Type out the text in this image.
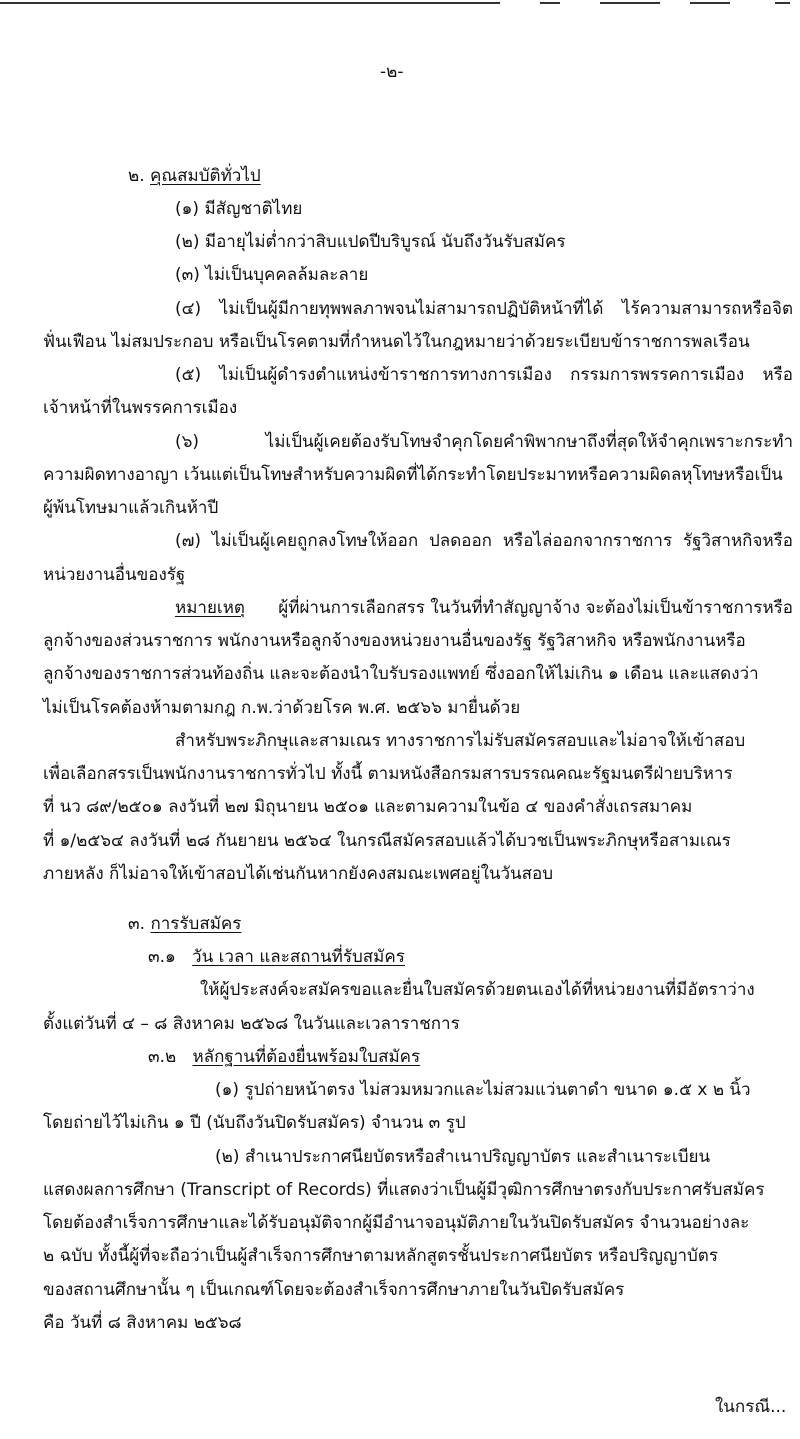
-๒-
๒. คุณสมบัติทั่วไป
(๑) มีสัญชาติไทย
(๒) มีอายุไม่ต่ำกว่าสิบแปดปีบริบูรณ์ นับถึงวันรับสมัคร
(๓) ไม่เป็นบุคคลล้มละลาย
(๔) ไม่เป็นผู้มีกายทุพพลภาพจนไม่สามารถปฏิบัติหน้าที่ได้ ไร้ความสามารถหรือจิต
ฟั่นเฟือน ไม่สมประกอบ หรือเป็นโรคตามที่กำหนดไว้ในกฎหมายว่าด้วยระเบียบข้าราชการพลเรือน
(๕) ไม่เป็นผู้ดำรงตำแหน่งข้าราชการทางการเมือง กรรมการพรรคการเมือง หรือ
เจ้าหน้าที่ในพรรคการเมือง
(๖) ไม่เป็นผู้เคยต้องรับโทษจำคุกโดยคำพิพากษาถึงที่สุดให้จำคุกเพราะกระทำ
ความผิดทางอาญา เว้นแต่เป็นโทษสำหรับความผิดที่ได้กระทำโดยประมาทหรือความผิดลหุโทษหรือเป็น
ผู้พ้นโทษมาแล้วเกินห้าปี
(๗) ไม่เป็นผู้เคยถูกลงโทษให้ออก ปลดออก หรือไล่ออกจากราชการ รัฐวิสาหกิจหรือ
หน่วยงานอื่นของรัฐ
หมายเหตุ ผู้ที่ผ่านการเลือกสรร ในวันที่ทำสัญญาจ้าง จะต้องไม่เป็นข้าราชการหรือ
ลูกจ้างของส่วนราชการ พนักงานหรือลูกจ้างของหน่วยงานอื่นของรัฐ รัฐวิสาหกิจ หรือพนักงานหรือ
ลูกจ้างของราชการส่วนท้องถิ่น และจะต้องนำใบรับรองแพทย์ ซึ่งออกให้ไม่เกิน ๑ เดือน และแสดงว่า
ไม่เป็นโรคต้องห้ามตามกฎ ก.พ.ว่าด้วยโรค พ.ศ. ๒๕๖๖ มายื่นด้วย
สำหรับพระภิกษุและสามเณร ทางราชการไม่รับสมัครสอบและไม่อาจให้เข้าสอบ
เพื่อเลือกสรรเป็นพนักงานราชการทั่วไป ทั้งนี้ ตามหนังสือกรมสารบรรณคณะรัฐมนตรีฝ่ายบริหาร
ที่ นว ๘๙/๒๕๐๑ ลงวันที่ ๒๗ มิถุนายน ๒๕๐๑ และตามความในข้อ ๔ ของคำสั่งเถรสมาคม
ที่ ๑/๒๕๖๔ ลงวันที่ ๒๘ กันยายน ๒๕๖๔ ในกรณีสมัครสอบแล้วได้บวชเป็นพระภิกษุหรือสามเณร
ภายหลัง ก็ไม่อาจให้เข้าสอบได้เช่นกันหากยังคงสมณะเพศอยู่ในวันสอบ
๓. การรับสมัคร
๓.๑ วัน เวลา และสถานที่รับสมัคร
ให้ผู้ประสงค์จะสมัครขอและยื่นใบสมัครด้วยตนเองได้ที่หน่วยงานที่มีอัตราว่าง
ตั้งแต่วันที่ ๔ – ๘ สิงหาคม ๒๕๖๘ ในวันและเวลาราชการ
๓.๒ หลักฐานที่ต้องยื่นพร้อมใบสมัคร
(๑) รูปถ่ายหน้าตรง ไม่สวมหมวกและไม่สวมแว่นตาดำ ขนาด ๑.๕ x ๒ นิ้ว
โดยถ่ายไว้ไม่เกิน ๑ ปี (นับถึงวันปิดรับสมัคร) จำนวน ๓ รูป
(๒) สำเนาประกาศนียบัตรหรือสำเนาปริญญาบัตร และสำเนาระเบียน
แสดงผลการศึกษา (Transcript of Records) ที่แสดงว่าเป็นผู้มีวุฒิการศึกษาตรงกับประกาศรับสมัคร
โดยต้องสำเร็จการศึกษาและได้รับอนุมัติจากผู้มีอำนาจอนุมัติภายในวันปิดรับสมัคร จำนวนอย่างละ
๒ ฉบับ ทั้งนี้ผู้ที่จะถือว่าเป็นผู้สำเร็จการศึกษาตามหลักสูตรชั้นประกาศนียบัตร หรือปริญญาบัตร
ของสถานศึกษานั้น ๆ เป็นเกณฑ์โดยจะต้องสำเร็จการศึกษาภายในวันปิดรับสมัคร
คือ วันที่ ๘ สิงหาคม ๒๕๖๘
ในกรณี...
